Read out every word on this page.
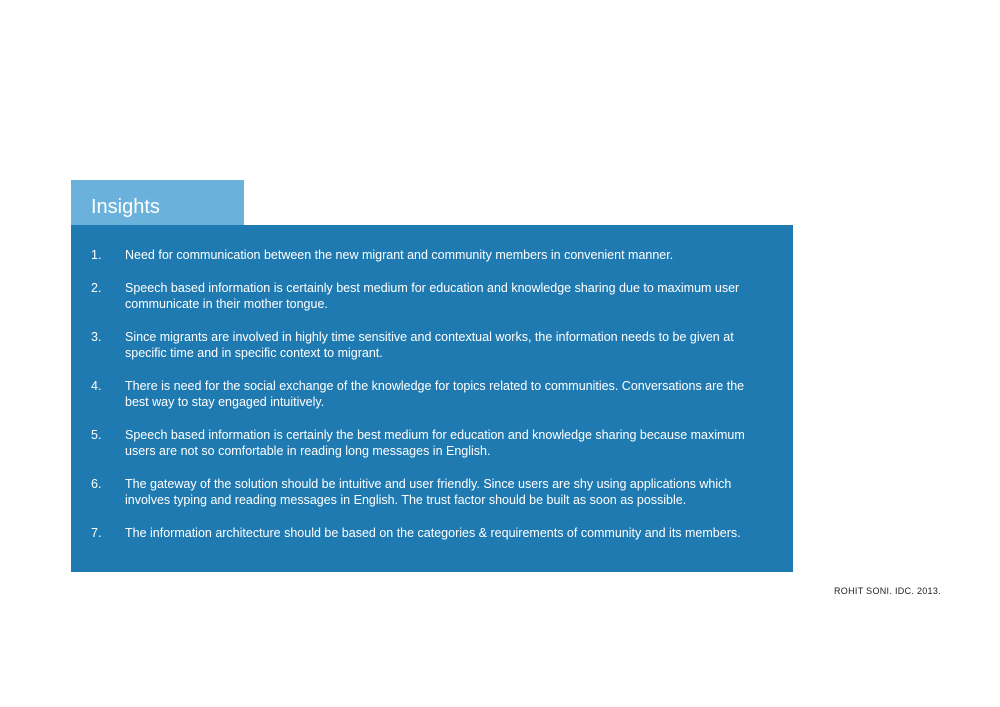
Insights
1. Need for communication between the new migrant and community members in convenient manner.
2. Speech based information is certainly best medium for education and knowledge sharing due to maximum user communicate in their mother tongue.
3. Since migrants are involved in highly time sensitive and contextual works, the information needs to be given at specific time and in specific context to migrant.
4. There is need for the social exchange of the knowledge for topics related to communities. Conversations are the best way to stay engaged intuitively.
5. Speech based information is certainly the best medium for education and knowledge sharing because maximum users are not so comfortable in reading long messages in English.
6. The gateway of the solution should be intuitive and user friendly. Since users are shy using applications which involves typing and reading messages in English. The trust factor should be built as soon as possible.
7. The information architecture should be based on the categories & requirements of community and its members.
ROHIT SONI. IDC. 2013.
